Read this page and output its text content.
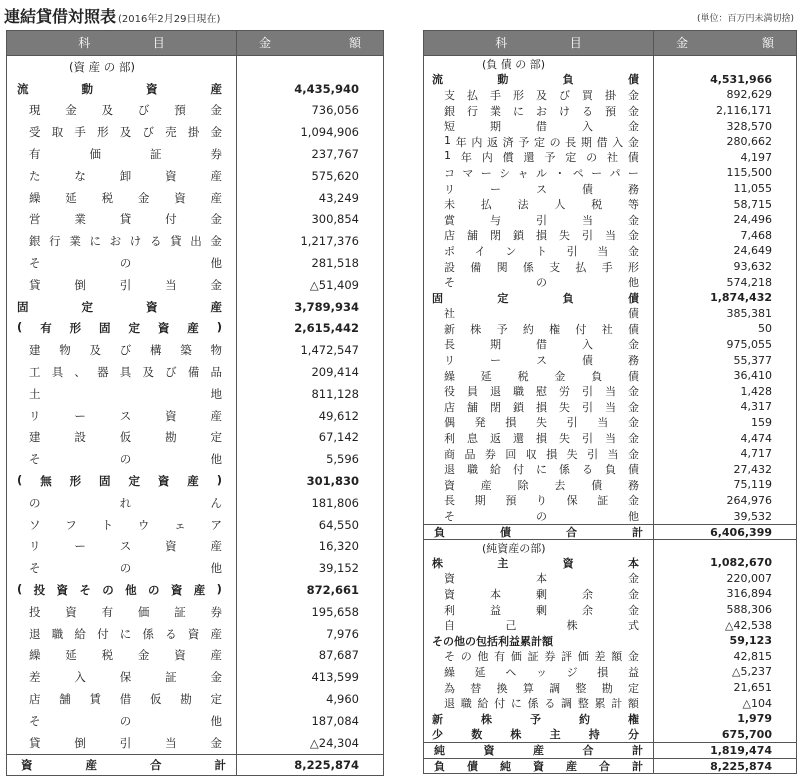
連結貸借対照表 (2016年2月29日現在)	(単位：百万円未満切捨)
科	目	金	額
(資 産 の 部)
流	動	資	産	4,435,940
現 金 及 び 預 金	736,056
受 取 手 形 及 び 売 掛 金	1,094,906
有	価	証	券	237,767
た	な	卸	資	産	575,620
繰 延 税 金 資 産	43,249
営	業	貸	付	金	300,854
銀 行 業 に お け る 貸 出 金	1,217,376
そ	の	他	281,518
貸	倒	引	当	金	△51,409
固	定	資	産	3,789,934
( 有 形 固 定 資 産 )	2,615,442
建 物 及 び 構 築 物	1,472,547
工 具 、 器 具 及 び 備 品	209,414
土	地	811,128
リ	ー	ス	資	産	49,612
建	設	仮	勘	定	67,142
そ	の	他	5,596
( 無 形 固 定 資 産 )	301,830
の	れ	ん	181,806
ソ フ ト ウ ェ ア	64,550
リ	ー	ス	資	産	16,320
そ	の	他	39,152
( 投 資 そ の 他 の 資 産 )	872,661
投 資 有 価 証 券	195,658
退 職 給 付 に 係 る 資 産	7,976
繰 延 税 金 資 産	87,687
差	入	保	証	金	413,599
店 舗 賃 借 仮 勘 定	4,960
そ	の	他	187,084
貸	倒	引	当	金	△24,304
資	産	合	計	8,225,874
科	目	金	額
(負 債 の 部)
流	動	負	債	4,531,966
支 払 手 形 及 び 買 掛 金	892,629
銀 行 業 に お け る 預 金	2,116,171
短	期	借	入	金	328,570
1 年 内 返 済 予 定 の 長 期 借 入 金	280,662
1 年 内 償 還 予 定 の 社 債	4,197
コ マ ー シ ャ ル ・ ペ ー パ ー	115,500
リ	ー	ス	債	務	11,055
未 払 法 人 税 等	58,715
賞	与	引	当	金	24,496
店 舗 閉 鎖 損 失 引 当 金	7,468
ポ イ ン ト 引 当 金	24,649
設 備 関 係 支 払 手 形	93,632
そ	の	他	574,218
固	定	負	債	1,874,432
社	債	385,381
新 株 予 約 権 付 社 債	50
長	期	借	入	金	975,055
リ	ー	ス	債	務	55,377
繰 延 税 金 負 債	36,410
役 員 退 職 慰 労 引 当 金	1,428
店 舗 閉 鎖 損 失 引 当 金	4,317
偶 発 損 失 引 当 金	159
利 息 返 還 損 失 引 当 金	4,474
商 品 券 回 収 損 失 引 当 金	4,717
退 職 給 付 に 係 る 負 債	27,432
資 産 除 去 債 務	75,119
長 期 預 り 保 証 金	264,976
そ	の	他	39,532
負	債	合	計	6,406,399
(純資産の部)
株	主	資	本	1,082,670
資	本	金	220,007
資	本	剰	余	金	316,894
利	益	剰	余	金	588,306
自	己	株	式	△42,538
その他の包括利益累計額	59,123
そ の 他 有 価 証 券 評 価 差 額 金	42,815
繰 延 ヘ ッ ジ 損 益	△5,237
為 替 換 算 調 整 勘 定	21,651
退 職 給 付 に 係 る 調 整 累 計 額	△104
新	株	予	約	権	1,979
少	数	株	主	持	分	675,700
純	資	産	合	計	1,819,474
負 債 純 資 産 合 計	8,225,874
